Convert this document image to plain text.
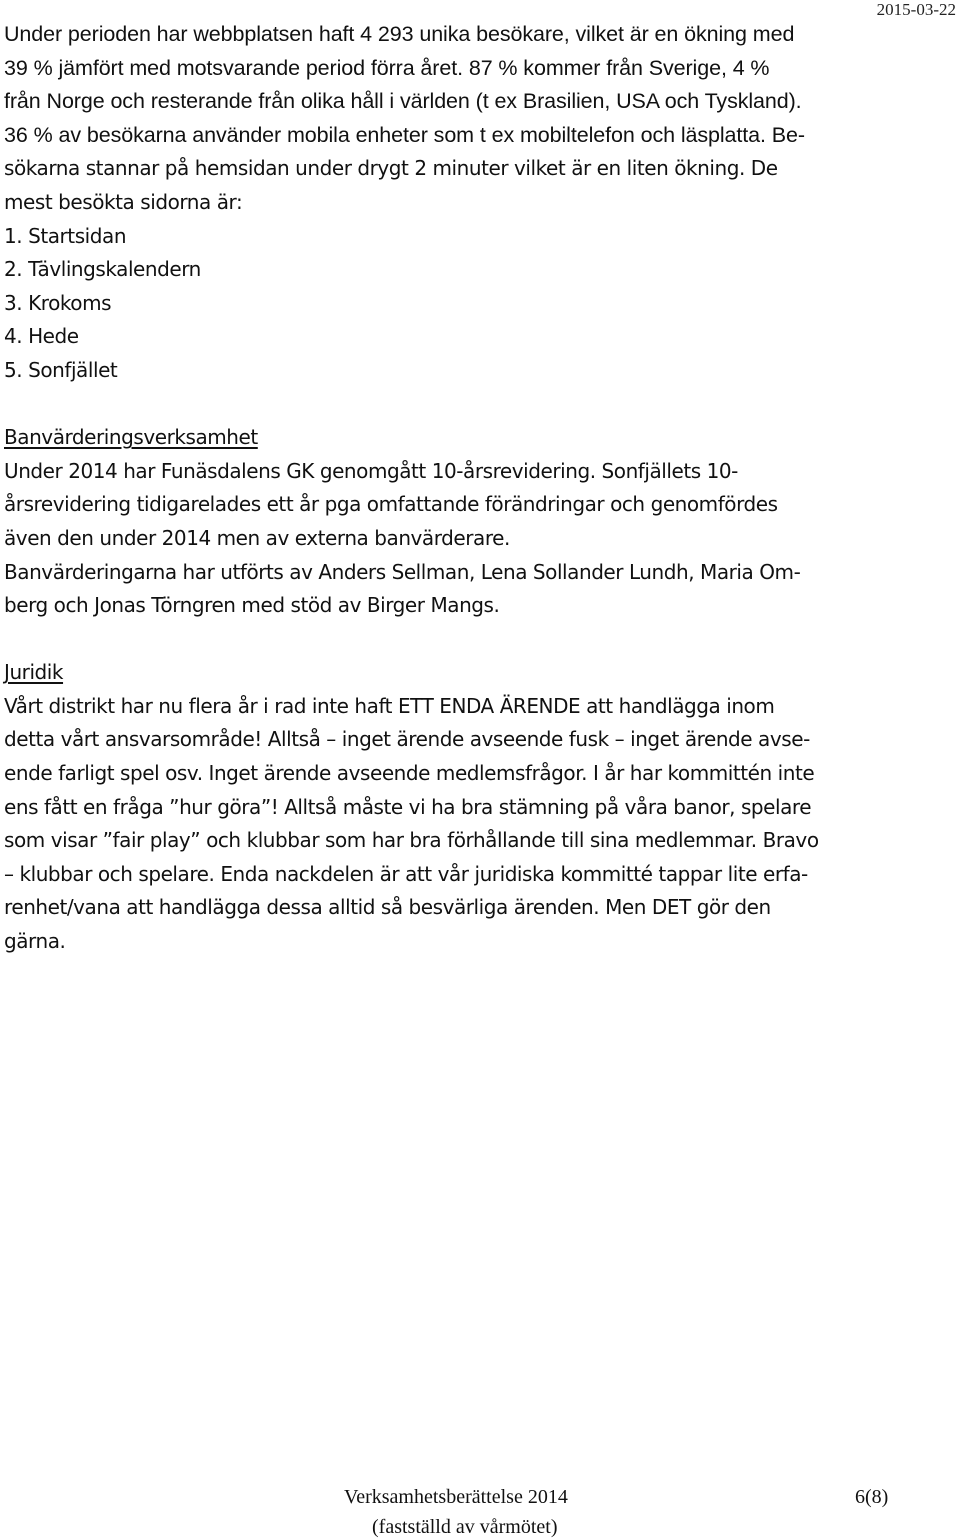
2015-03-22
Under perioden har webbplatsen haft 4 293 unika besökare, vilket är en ökning med
39 % jämfört med motsvarande period förra året. 87 % kommer från Sverige, 4 %
från Norge och resterande från olika håll i världen (t ex Brasilien, USA och Tyskland).
36 % av besökarna använder mobila enheter som t ex mobiltelefon och läsplatta. Be-
sökarna stannar på hemsidan under drygt 2 minuter vilket är en liten ökning. De
mest besökta sidorna är:
1. Startsidan
2. Tävlingskalendern
3. Krokoms
4. Hede
5. Sonfjället
Banvärderingsverksamhet
Under 2014 har Funäsdalens GK genomgått 10-årsrevidering. Sonfjällets 10-
årsrevidering tidigarelades ett år pga omfattande förändringar och genomfördes
även den under 2014 men av externa banvärderare.
Banvärderingarna har utförts av Anders Sellman, Lena Sollander Lundh, Maria Om-
berg och Jonas Törngren med stöd av Birger Mangs.
Juridik
Vårt distrikt har nu flera år i rad inte haft ETT ENDA ÄRENDE att handlägga inom
detta vårt ansvarsområde! Alltså – inget ärende avseende fusk – inget ärende avse-
ende farligt spel osv. Inget ärende avseende medlemsfrågor. I år har kommittén inte
ens fått en fråga ”hur göra”! Alltså måste vi ha bra stämning på våra banor, spelare
som visar ”fair play” och klubbar som har bra förhållande till sina medlemmar. Bravo
– klubbar och spelare. Enda nackdelen är att vår juridiska kommitté tappar lite erfa-
renhet/vana att handlägga dessa alltid så besvärliga ärenden. Men DET gör den
gärna.
Verksamhetsberättelse 2014	6(8)
(fastställd av vårmötet)
